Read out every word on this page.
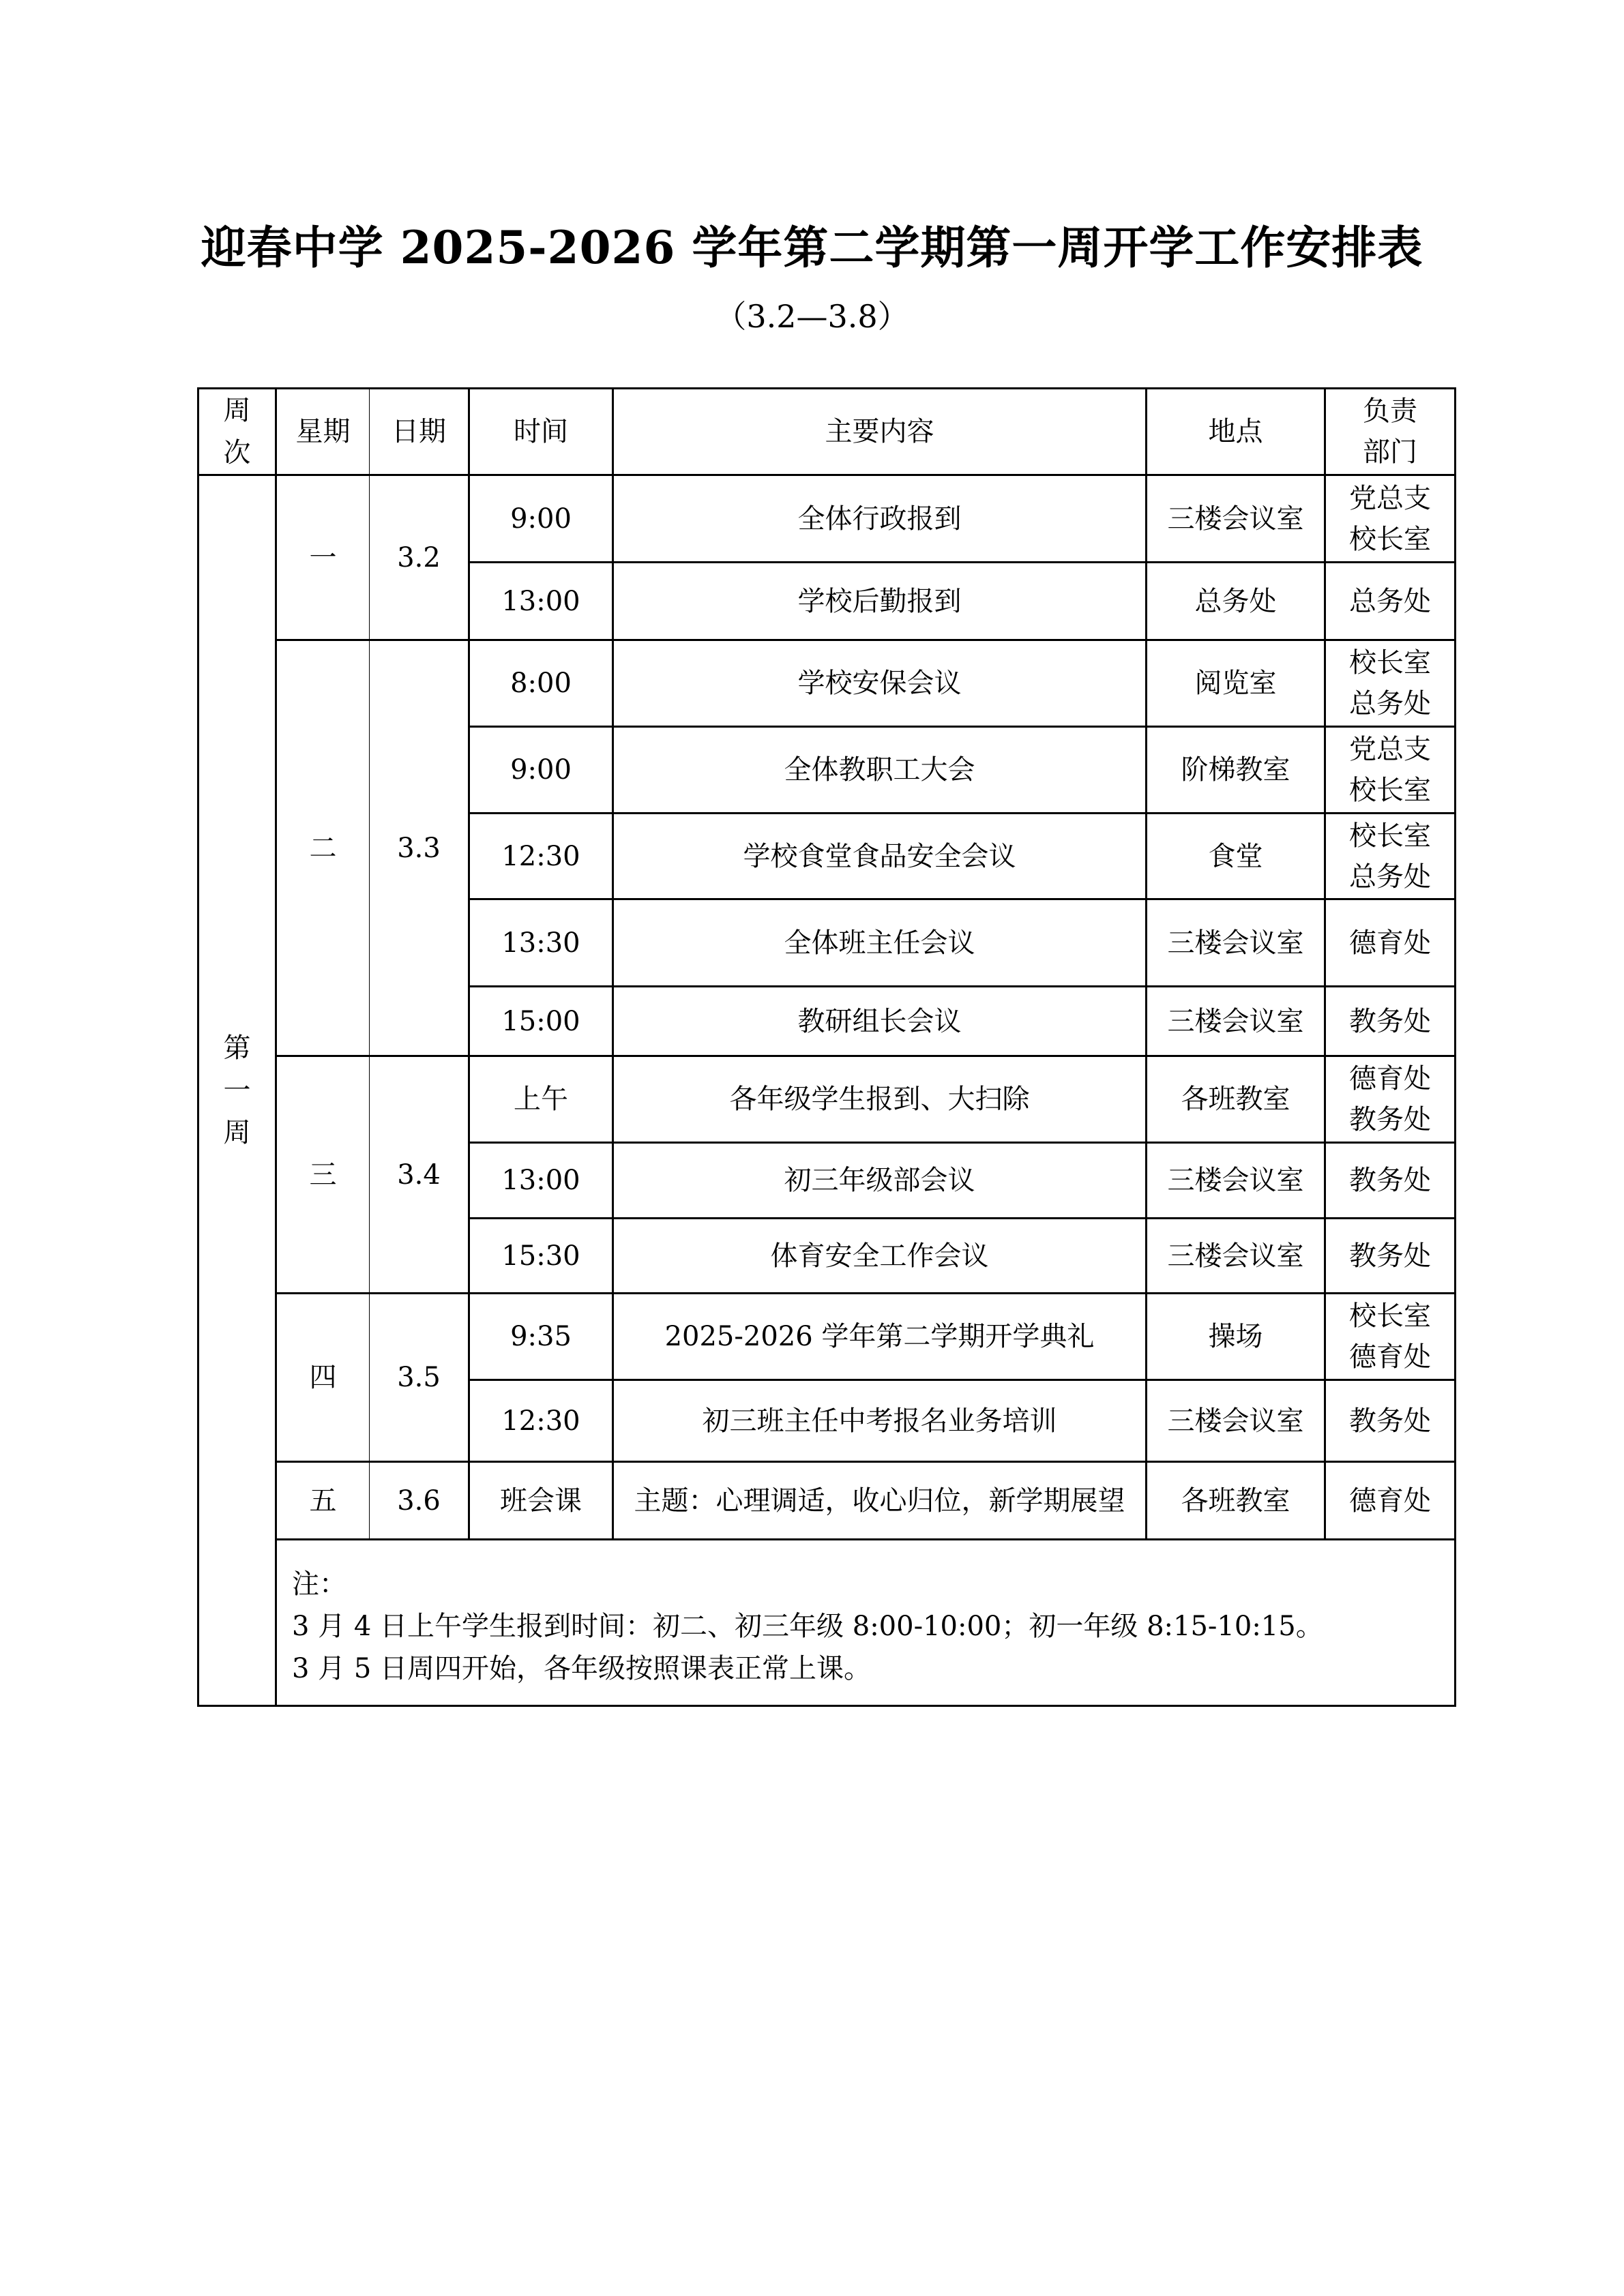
迎春中学 2025-2026 学年第二学期第一周开学工作安排表
（3.2—3.8）
周次	星期	日期	时间	主要内容	地点	负责
部门

第一周	一	3.2	9:00	全体行政报到	三楼会议室	党总支
校长室

			13:00	学校后勤报到	总务处	总务处

	二	3.3	8:00	学校安保会议	阅览室	校长室
总务处

			9:00	全体教职工大会	阶梯教室	党总支
校长室

			12:30	学校食堂食品安全会议	食堂	校长室
总务处

			13:30	全体班主任会议	三楼会议室	德育处

			15:00	教研组长会议	三楼会议室	教务处

	三	3.4	上午	各年级学生报到、大扫除	各班教室	德育处
教务处

			13:00	初三年级部会议	三楼会议室	教务处

			15:30	体育安全工作会议	三楼会议室	教务处

	四	3.5	9:35	2025-2026 学年第二学期开学典礼	操场	校长室
德育处

			12:30	初三班主任中考报名业务培训	三楼会议室	教务处

	五	3.6	班会课	主题：心理调适，收心归位，新学期展望	各班教室	德育处

	注：
3 月 4 日上午学生报到时间：初二、初三年级 8:00-10:00；初一年级 8:15-10:15。
3 月 5 日周四开始，各年级按照课表正常上课。					
